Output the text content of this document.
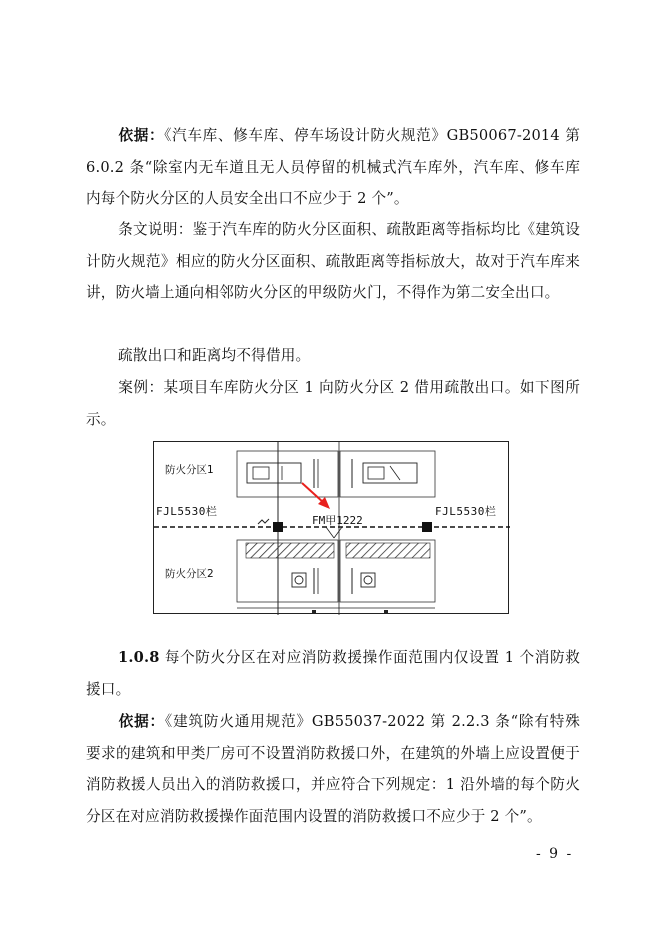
依据：《汽车库、修车库、停车场设计防火规范》GB50067-2014 第 6.0.2 条“除室内无车道且无人员停留的机械式汽车库外，汽车库、修车库内每个防火分区的人员安全出口不应少于 2 个”。

条文说明：鉴于汽车库的防火分区面积、疏散距离等指标均比《建筑设计防火规范》相应的防火分区面积、疏散距离等指标放大，故对于汽车库来讲，防火墙上通向相邻防火分区的甲级防火门，不得作为第二安全出口。

疏散出口和距离均不得借用。

案例：某项目车库防火分区 1 向防火分区 2 借用疏散出口。如下图所示。

防火分区1
防火分区2
FJL5530栏	FJL5530栏
FM甲1222

1.0.8 每个防火分区在对应消防救援操作面范围内仅设置 1 个消防救援口。

依据：《建筑防火通用规范》GB55037-2022 第 2.2.3 条“除有特殊要求的建筑和甲类厂房可不设置消防救援口外，在建筑的外墙上应设置便于消防救援人员出入的消防救援口，并应符合下列规定：1 沿外墙的每个防火分区在对应消防救援操作面范围内设置的消防救援口不应少于 2 个”。

- 9 -
